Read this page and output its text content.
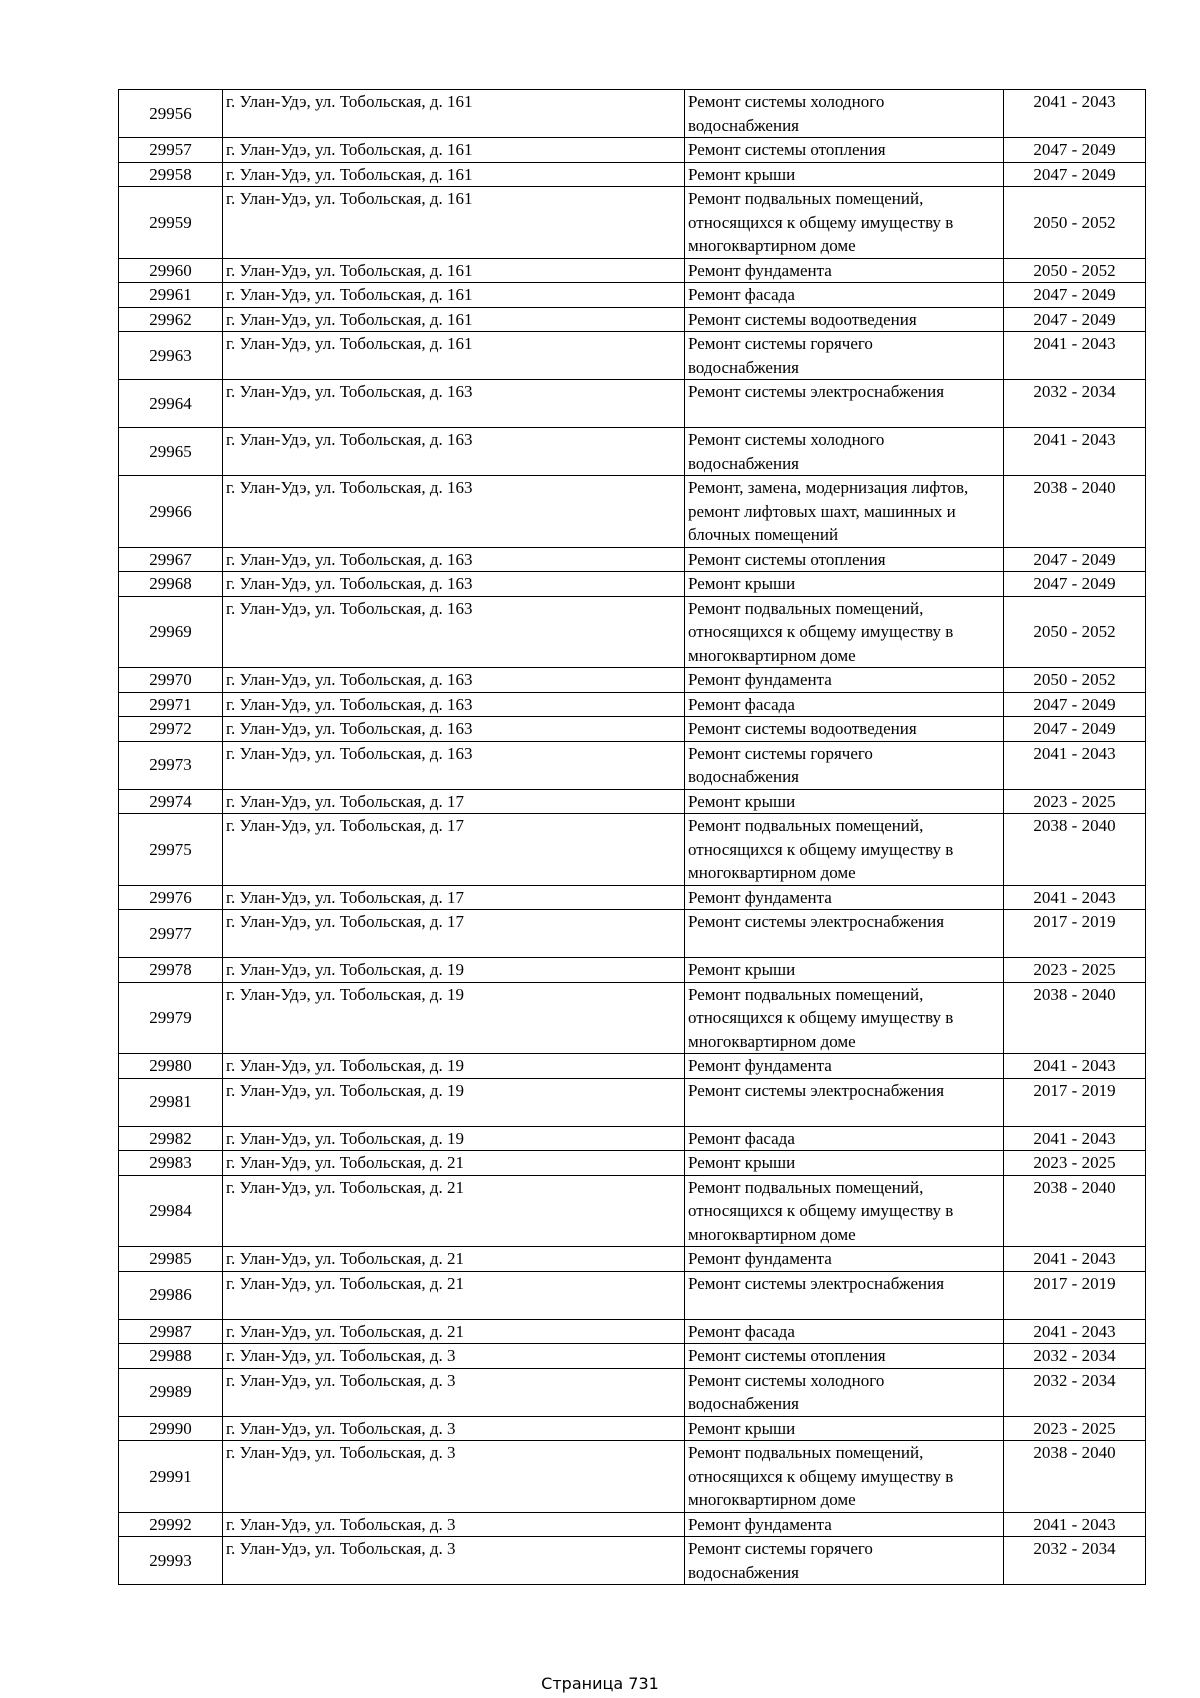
29956	г. Улан-Удэ, ул. Тобольская, д. 161	Ремонт системы холодного
водоснабжения	2041 - 2043
29957	г. Улан-Удэ, ул. Тобольская, д. 161	Ремонт системы отопления	2047 - 2049
29958	г. Улан-Удэ, ул. Тобольская, д. 161	Ремонт крыши	2047 - 2049
29959	г. Улан-Удэ, ул. Тобольская, д. 161	Ремонт подвальных помещений,
относящихся к общему имуществу в
многоквартирном доме	2050 - 2052
29960	г. Улан-Удэ, ул. Тобольская, д. 161	Ремонт фундамента	2050 - 2052
29961	г. Улан-Удэ, ул. Тобольская, д. 161	Ремонт фасада	2047 - 2049
29962	г. Улан-Удэ, ул. Тобольская, д. 161	Ремонт системы водоотведения	2047 - 2049
29963	г. Улан-Удэ, ул. Тобольская, д. 161	Ремонт системы горячего
водоснабжения	2041 - 2043
29964	г. Улан-Удэ, ул. Тобольская, д. 163	Ремонт системы электроснабжения	2032 - 2034
29965	г. Улан-Удэ, ул. Тобольская, д. 163	Ремонт системы холодного
водоснабжения	2041 - 2043
29966	г. Улан-Удэ, ул. Тобольская, д. 163	Ремонт, замена, модернизация лифтов,
ремонт лифтовых шахт, машинных и
блочных помещений	2038 - 2040
29967	г. Улан-Удэ, ул. Тобольская, д. 163	Ремонт системы отопления	2047 - 2049
29968	г. Улан-Удэ, ул. Тобольская, д. 163	Ремонт крыши	2047 - 2049
29969	г. Улан-Удэ, ул. Тобольская, д. 163	Ремонт подвальных помещений,
относящихся к общему имуществу в
многоквартирном доме	2050 - 2052
29970	г. Улан-Удэ, ул. Тобольская, д. 163	Ремонт фундамента	2050 - 2052
29971	г. Улан-Удэ, ул. Тобольская, д. 163	Ремонт фасада	2047 - 2049
29972	г. Улан-Удэ, ул. Тобольская, д. 163	Ремонт системы водоотведения	2047 - 2049
29973	г. Улан-Удэ, ул. Тобольская, д. 163	Ремонт системы горячего
водоснабжения	2041 - 2043
29974	г. Улан-Удэ, ул. Тобольская, д. 17	Ремонт крыши	2023 - 2025
29975	г. Улан-Удэ, ул. Тобольская, д. 17	Ремонт подвальных помещений,
относящихся к общему имуществу в
многоквартирном доме	2038 - 2040
29976	г. Улан-Удэ, ул. Тобольская, д. 17	Ремонт фундамента	2041 - 2043
29977	г. Улан-Удэ, ул. Тобольская, д. 17	Ремонт системы электроснабжения	2017 - 2019
29978	г. Улан-Удэ, ул. Тобольская, д. 19	Ремонт крыши	2023 - 2025
29979	г. Улан-Удэ, ул. Тобольская, д. 19	Ремонт подвальных помещений,
относящихся к общему имуществу в
многоквартирном доме	2038 - 2040
29980	г. Улан-Удэ, ул. Тобольская, д. 19	Ремонт фундамента	2041 - 2043
29981	г. Улан-Удэ, ул. Тобольская, д. 19	Ремонт системы электроснабжения	2017 - 2019
29982	г. Улан-Удэ, ул. Тобольская, д. 19	Ремонт фасада	2041 - 2043
29983	г. Улан-Удэ, ул. Тобольская, д. 21	Ремонт крыши	2023 - 2025
29984	г. Улан-Удэ, ул. Тобольская, д. 21	Ремонт подвальных помещений,
относящихся к общему имуществу в
многоквартирном доме	2038 - 2040
29985	г. Улан-Удэ, ул. Тобольская, д. 21	Ремонт фундамента	2041 - 2043
29986	г. Улан-Удэ, ул. Тобольская, д. 21	Ремонт системы электроснабжения	2017 - 2019
29987	г. Улан-Удэ, ул. Тобольская, д. 21	Ремонт фасада	2041 - 2043
29988	г. Улан-Удэ, ул. Тобольская, д. 3	Ремонт системы отопления	2032 - 2034
29989	г. Улан-Удэ, ул. Тобольская, д. 3	Ремонт системы холодного
водоснабжения	2032 - 2034
29990	г. Улан-Удэ, ул. Тобольская, д. 3	Ремонт крыши	2023 - 2025
29991	г. Улан-Удэ, ул. Тобольская, д. 3	Ремонт подвальных помещений,
относящихся к общему имуществу в
многоквартирном доме	2038 - 2040
29992	г. Улан-Удэ, ул. Тобольская, д. 3	Ремонт фундамента	2041 - 2043
29993	г. Улан-Удэ, ул. Тобольская, д. 3	Ремонт системы горячего
водоснабжения	2032 - 2034
Страница 731
